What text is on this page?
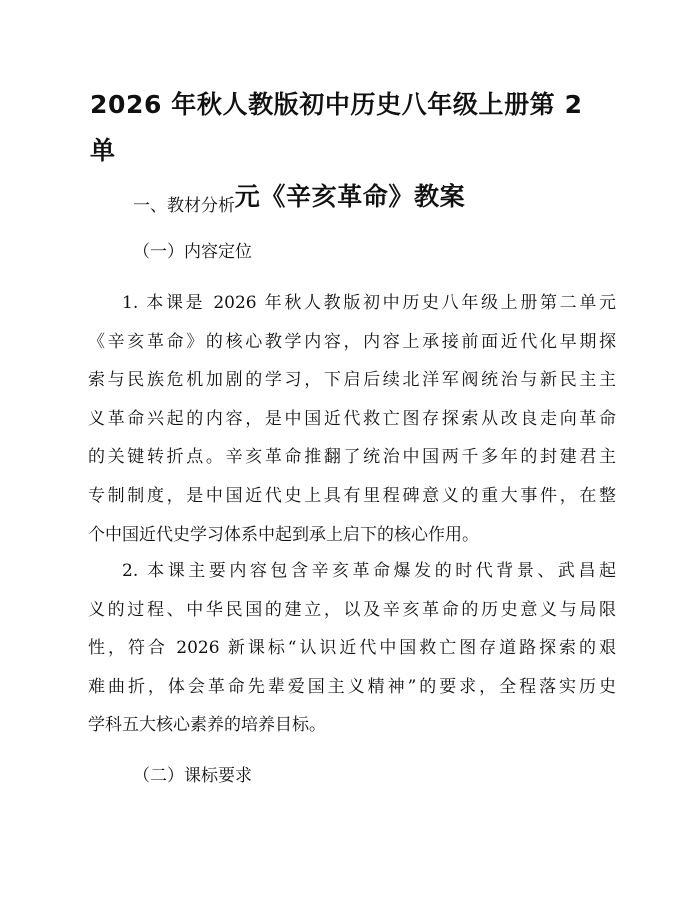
2026 年秋人教版初中历史八年级上册第 2 单
元《辛亥革命》教案

一、教材分析

（一）内容定位

1. 本课是 2026 年秋人教版初中历史八年级上册第二单元
《辛亥革命》的核心教学内容，内容上承接前面近代化早期探
索与民族危机加剧的学习，下启后续北洋军阀统治与新民主主
义革命兴起的内容，是中国近代救亡图存探索从改良走向革命
的关键转折点。辛亥革命推翻了统治中国两千多年的封建君主
专制制度，是中国近代史上具有里程碑意义的重大事件，在整
个中国近代史学习体系中起到承上启下的核心作用。
2. 本课主要内容包含辛亥革命爆发的时代背景、武昌起
义的过程、中华民国的建立，以及辛亥革命的历史意义与局限
性，符合 2026 新课标“认识近代中国救亡图存道路探索的艰
难曲折，体会革命先辈爱国主义精神”的要求，全程落实历史
学科五大核心素养的培养目标。

（二）课标要求
